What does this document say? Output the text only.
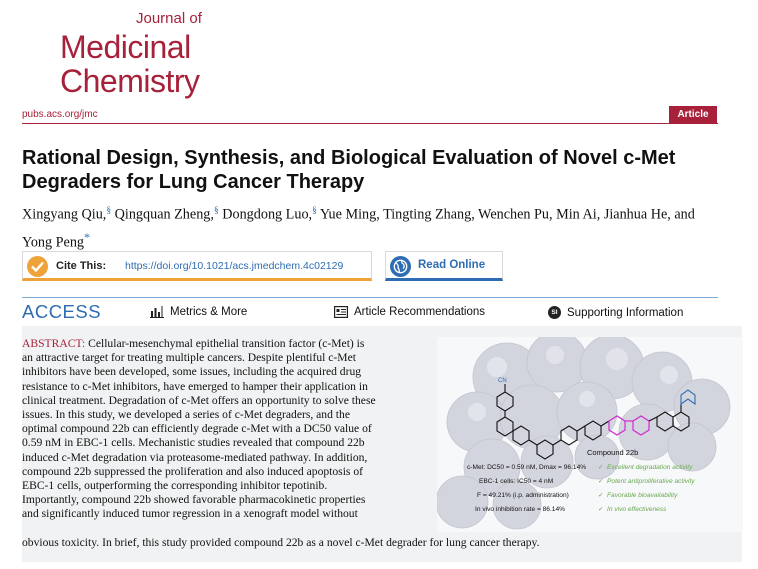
Journal of
Medicinal
Chemistry
pubs.acs.org/jmc	Article
Rational Design, Synthesis, and Biological Evaluation of Novel c-Met Degraders for Lung Cancer Therapy
Xingyang Qiu,§ Qingquan Zheng,§ Dongdong Luo,§ Yue Ming, Tingting Zhang, Wenchen Pu, Min Ai, Jianhua He, and Yong Peng*
Cite This: https://doi.org/10.1021/acs.jmedchem.4c02129	Read Online
ACCESS	Metrics & More	Article Recommendations	SI Supporting Information
ABSTRACT: Cellular-mesenchymal epithelial transition factor (c-Met) is
an attractive target for treating multiple cancers. Despite plentiful c-Met
inhibitors have been developed, some issues, including the acquired drug
resistance to c-Met inhibitors, have emerged to hamper their application in
clinical treatment. Degradation of c-Met offers an opportunity to solve these
issues. In this study, we developed a series of c-Met degraders, and the
optimal compound 22b can efficiently degrade c-Met with a DC50 value of
0.59 nM in EBC-1 cells. Mechanistic studies revealed that compound 22b
induced c-Met degradation via proteasome-mediated pathway. In addition,
compound 22b suppressed the proliferation and also induced apoptosis of
EBC-1 cells, outperforming the corresponding inhibitor tepotinib.
Importantly, compound 22b showed favorable pharmacokinetic properties
and significantly induced tumor regression in a xenograft model without
obvious toxicity. In brief, this study provided compound 22b as a novel c-Met degrader for lung cancer therapy.
CN
Compound 22b
c-Met: DC50 = 0.59 nM, Dmax = 96.14%
EBC-1 cells: IC50 = 4 nM
F = 49.21% (i.p. administration)
In vivo inhibition rate = 86.14%
Excellent degradation activity
Potent antiproliferative activity
Favorable bioavailability
In vivo effectiveness
✓
✓
✓
✓
